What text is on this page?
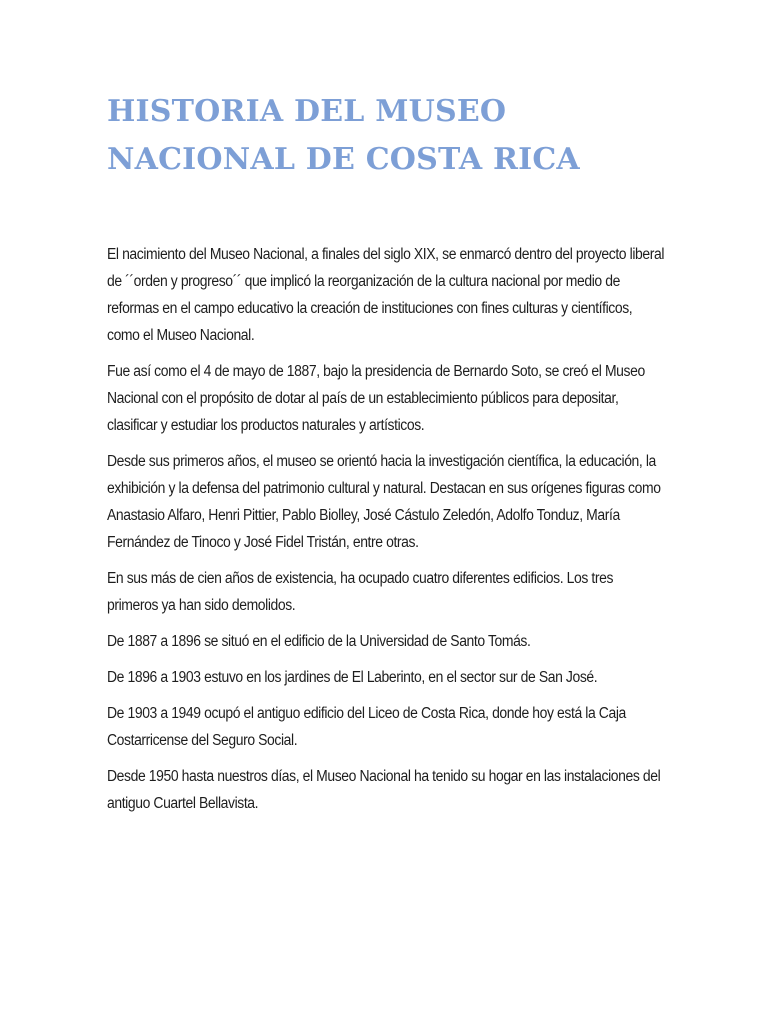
HISTORIA DEL MUSEO
NACIONAL DE COSTA RICA

El nacimiento del Museo Nacional, a finales del siglo XIX, se enmarcó dentro del proyecto liberal de ´´orden y progreso´´ que implicó la reorganización de la cultura nacional por medio de reformas en el campo educativo la creación de instituciones con fines culturas y científicos, como el Museo Nacional.

Fue así como el 4 de mayo de 1887, bajo la presidencia de Bernardo Soto, se creó el Museo Nacional con el propósito de dotar al país de un establecimiento públicos para depositar, clasificar y estudiar los productos naturales y artísticos.

Desde sus primeros años, el museo se orientó hacia la investigación científica, la educación, la exhibición y la defensa del patrimonio cultural y natural. Destacan en sus orígenes figuras como Anastasio Alfaro, Henri Pittier, Pablo Biolley, José Cástulo Zeledón, Adolfo Tonduz, María Fernández de Tinoco y José Fidel Tristán, entre otras.

En sus más de cien años de existencia, ha ocupado cuatro diferentes edificios. Los tres primeros ya han sido demolidos.

De 1887 a 1896 se situó en el edificio de la Universidad de Santo Tomás.

De 1896 a 1903 estuvo en los jardines de El Laberinto, en el sector sur de San José.

De 1903 a 1949 ocupó el antiguo edificio del Liceo de Costa Rica, donde hoy está la Caja Costarricense del Seguro Social.

Desde 1950 hasta nuestros días, el Museo Nacional ha tenido su hogar en las instalaciones del antiguo Cuartel Bellavista.
